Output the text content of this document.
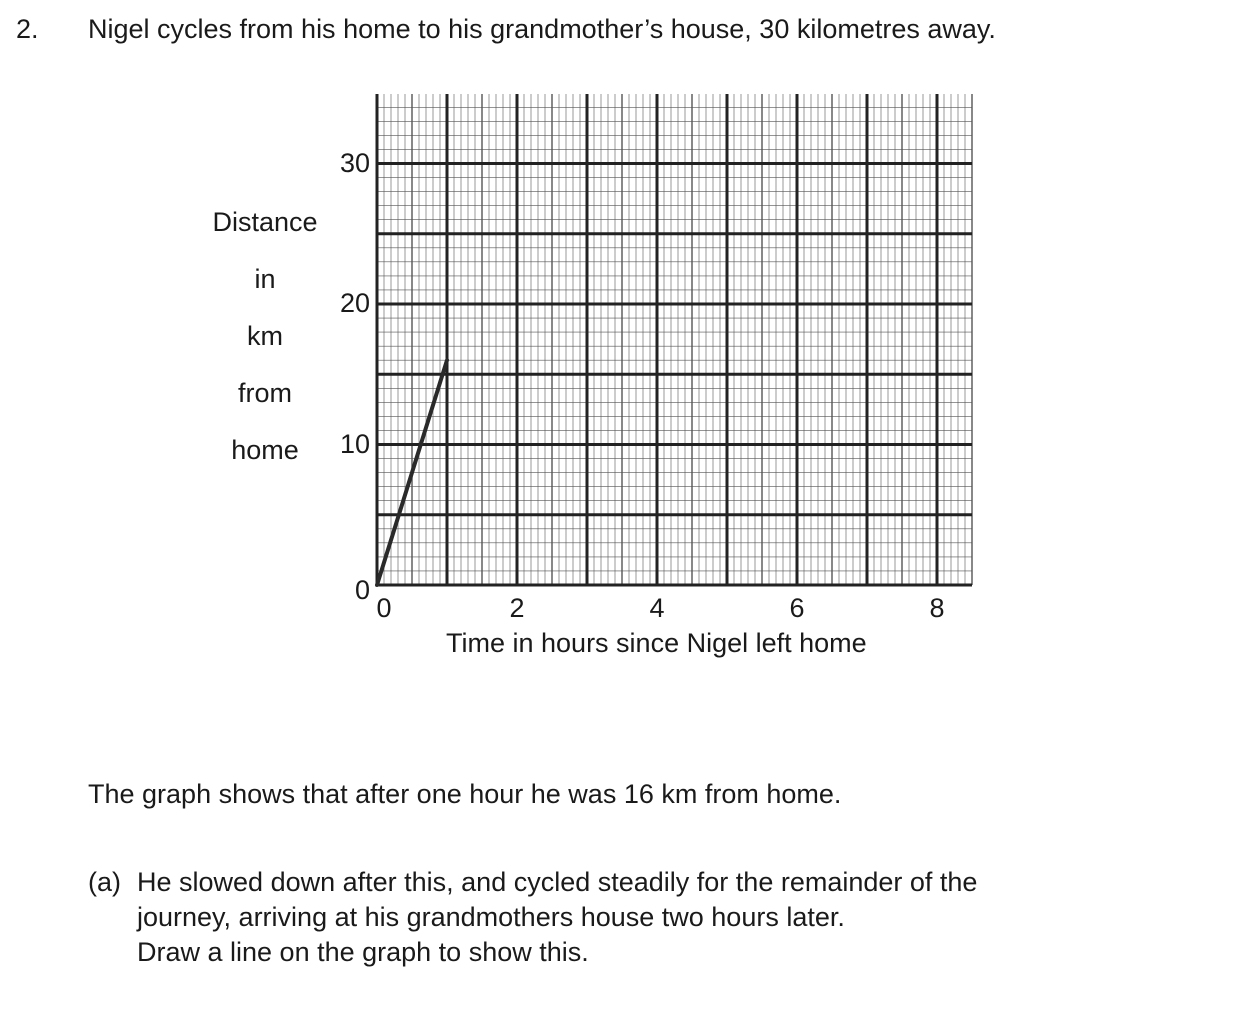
2. Nigel cycles from his home to his grandmother’s house, 30 kilometres away.
Distance
in
km
from
home
0
10
20
30
0	2	4	6	8
Time in hours since Nigel left home
The graph shows that after one hour he was 16 km from home.
(a) He slowed down after this, and cycled steadily for the remainder of the
journey, arriving at his grandmothers house two hours later.
Draw a line on the graph to show this.
